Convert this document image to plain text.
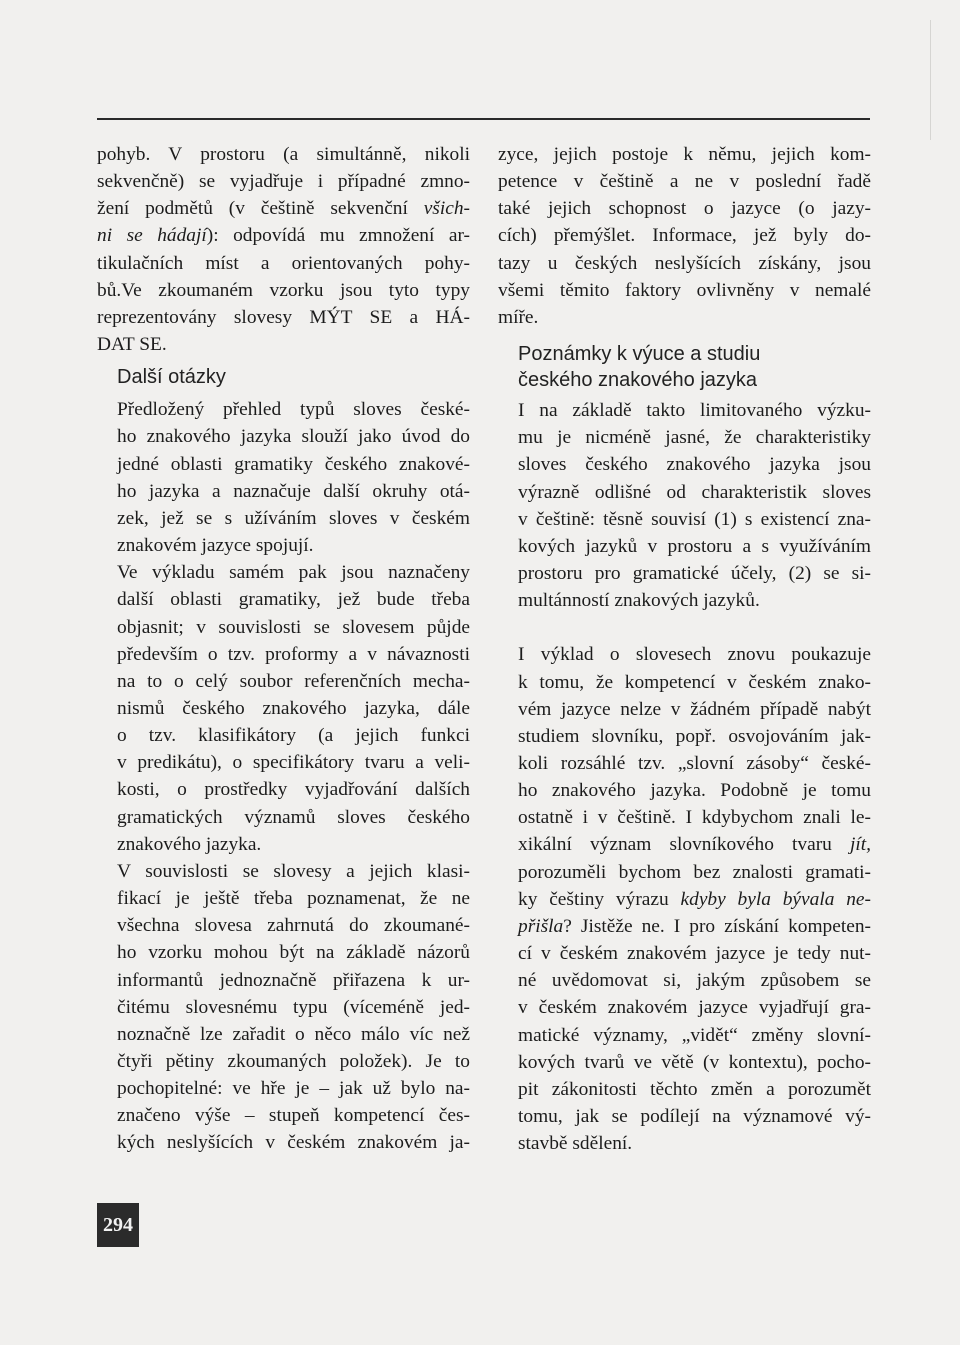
pohyb. V prostoru (a simultánně, nikoli
sekvenčně) se vyjadřuje i případné zmno-
žení podmětů (v češtině sekvenční všich-
ni se hádají): odpovídá mu zmnožení ar-
tikulačních míst a orientovaných pohy-
bů.Ve zkoumaném vzorku jsou tyto typy
reprezentovány slovesy MÝT SE a HÁ-
DAT SE.

Další otázky

Předložený přehled typů sloves české-
ho znakového jazyka slouží jako úvod do
jedné oblasti gramatiky českého znakové-
ho jazyka a naznačuje další okruhy otá-
zek, jež se s užíváním sloves v českém
znakovém jazyce spojují.

Ve výkladu samém pak jsou naznačeny
další oblasti gramatiky, jež bude třeba
objasnit; v souvislosti se slovesem půjde
především o tzv. proformy a v návaznosti
na to o celý soubor referenčních mecha-
nismů českého znakového jazyka, dále
o tzv. klasifikátory (a jejich funkci
v predikátu), o specifikátory tvaru a veli-
kosti, o prostředky vyjadřování dalších
gramatických významů sloves českého
znakového jazyka.

V souvislosti se slovesy a jejich klasi-
fikací je ještě třeba poznamenat, že ne
všechna slovesa zahrnutá do zkoumané-
ho vzorku mohou být na základě názorů
informantů jednoznačně přiřazena k ur-
čitému slovesnému typu (víceméně jed-
noznačně lze zařadit o něco málo víc než
čtyři pětiny zkoumaných položek). Je to
pochopitelné: ve hře je – jak už bylo na-
značeno výše – stupeň kompetencí čes-
kých neslyšících v českém znakovém ja-

zyce, jejich postoje k němu, jejich kom-
petence v češtině a ne v poslední řadě
také jejich schopnost o jazyce (o jazy-
cích) přemýšlet. Informace, jež byly do-
tazy u českých neslyšících získány, jsou
všemi těmito faktory ovlivněny v nemalé
míře.

Poznámky k výuce a studiu
českého znakového jazyka

I na základě takto limitovaného výzku-
mu je nicméně jasné, že charakteristiky
sloves českého znakového jazyka jsou
výrazně odlišné od charakteristik sloves
v češtině: těsně souvisí (1) s existencí zna-
kových jazyků v prostoru a s využíváním
prostoru pro gramatické účely, (2) se si-
multánností znakových jazyků.

I výklad o slovesech znovu poukazuje
k tomu, že kompetencí v českém znako-
vém jazyce nelze v žádném případě nabýt
studiem slovníku, popř. osvojováním jak-
koli rozsáhlé tzv. „slovní zásoby“ české-
ho znakového jazyka. Podobně je tomu
ostatně i v češtině. I kdybychom znali le-
xikální význam slovníkového tvaru jít,
porozuměli bychom bez znalosti gramati-
ky češtiny výrazu kdyby byla bývala ne-
přišla? Jistěže ne. I pro získání kompeten-
cí v českém znakovém jazyce je tedy nut-
né uvědomovat si, jakým způsobem se
v českém znakovém jazyce vyjadřují gra-
matické významy, „vidět“ změny slovní-
kových tvarů ve větě (v kontextu), pocho-
pit zákonitosti těchto změn a porozumět
tomu, jak se podílejí na významové vý-
stavbě sdělení.

294
